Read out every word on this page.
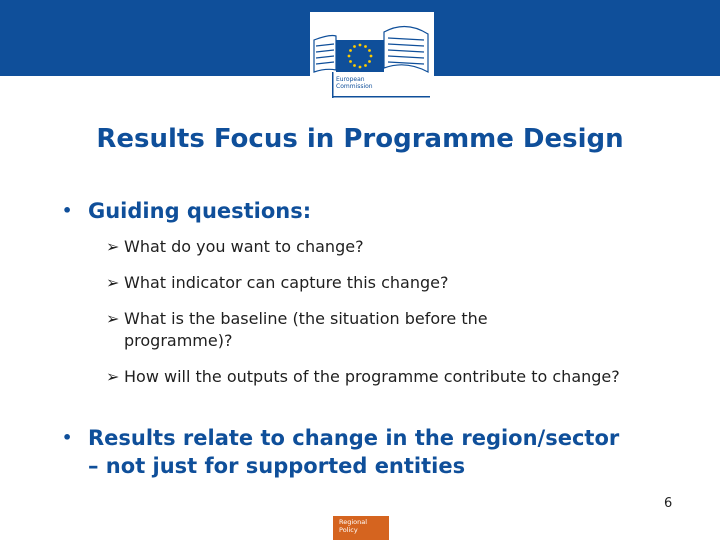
European
Commission
Results Focus in Programme Design
• Guiding questions:
➢ What do you want to change?
➢ What indicator can capture this change?
➢ What is the baseline (the situation before the programme)?
➢ How will the outputs of the programme contribute to change?
• Results relate to change in the region/sector – not just for supported entities
6
Regional
Policy
